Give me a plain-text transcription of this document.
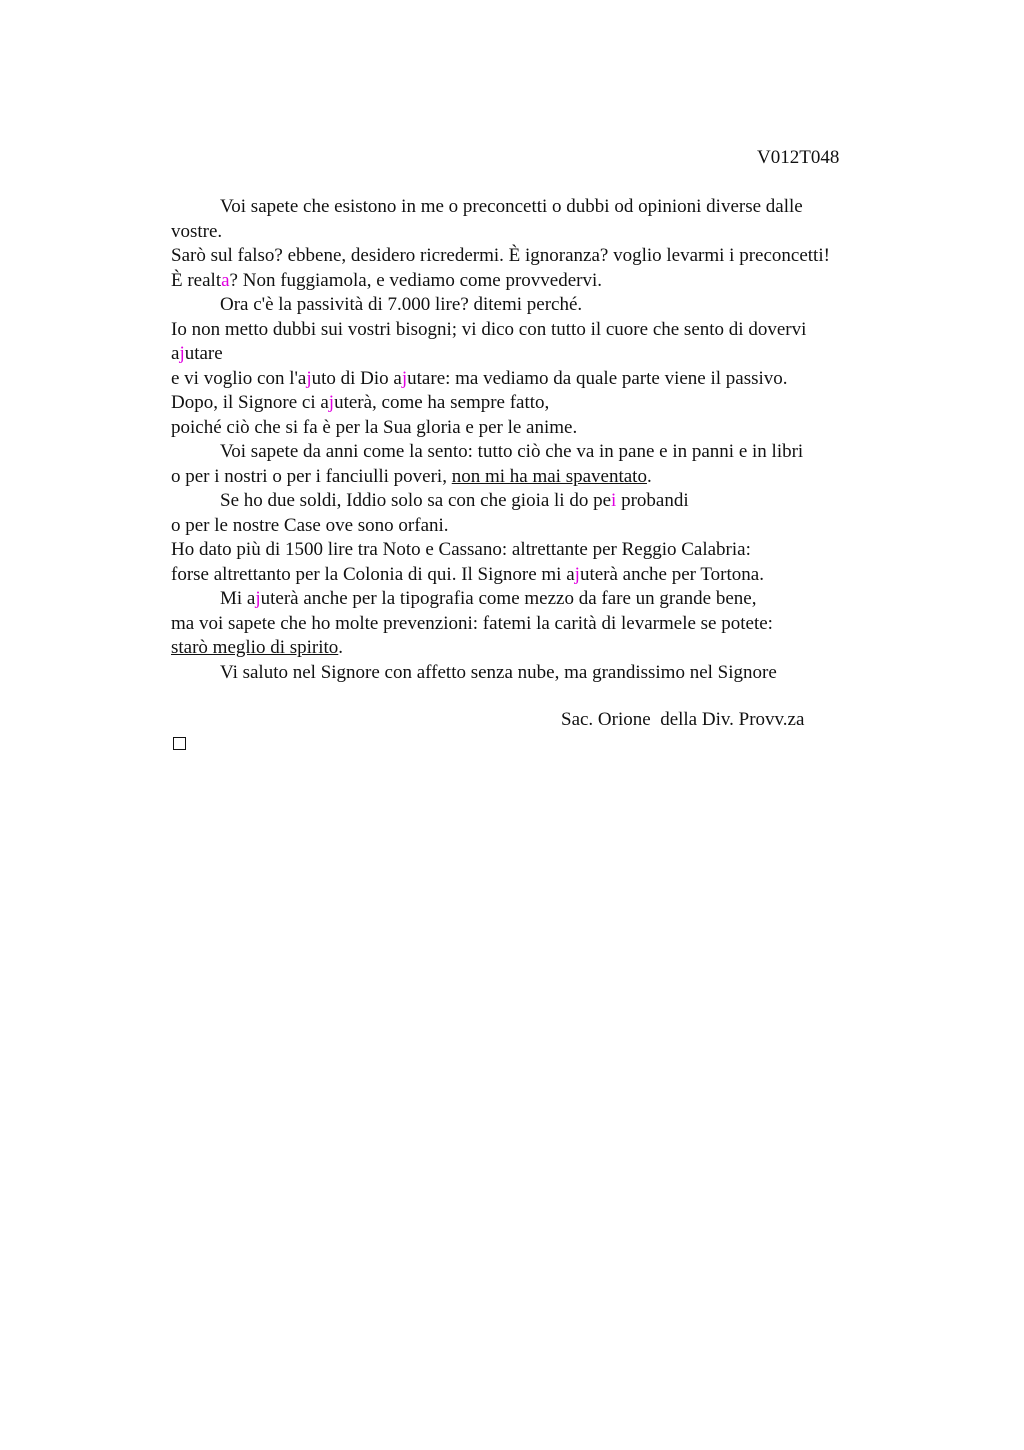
V012T048
Voi sapete che esistono in me o preconcetti o dubbi od opinioni diverse dalle
vostre.
Sarò sul falso? ebbene, desidero ricredermi. È ignoranza? voglio levarmi i preconcetti!
È realta? Non fuggiamola, e vediamo come provvedervi.
Ora c'è la passività di 7.000 lire? ditemi perché.
Io non metto dubbi sui vostri bisogni; vi dico con tutto il cuore che sento di dovervi
ajutare
e vi voglio con l'ajuto di Dio ajutare: ma vediamo da quale parte viene il passivo.
Dopo, il Signore ci ajuterà, come ha sempre fatto,
poiché ciò che si fa è per la Sua gloria e per le anime.
Voi sapete da anni come la sento: tutto ciò che va in pane e in panni e in libri
o per i nostri o per i fanciulli poveri, non mi ha mai spaventato.
Se ho due soldi, Iddio solo sa con che gioia li do pei probandi
o per le nostre Case ove sono orfani.
Ho dato più di 1500 lire tra Noto e Cassano: altrettante per Reggio Calabria:
forse altrettanto per la Colonia di qui. Il Signore mi ajuterà anche per Tortona.
Mi ajuterà anche per la tipografia come mezzo da fare un grande bene,
ma voi sapete che ho molte prevenzioni: fatemi la carità di levarmele se potete:
starò meglio di spirito.
Vi saluto nel Signore con affetto senza nube, ma grandissimo nel Signore
Sac. Orione  della Div. Provv.za
